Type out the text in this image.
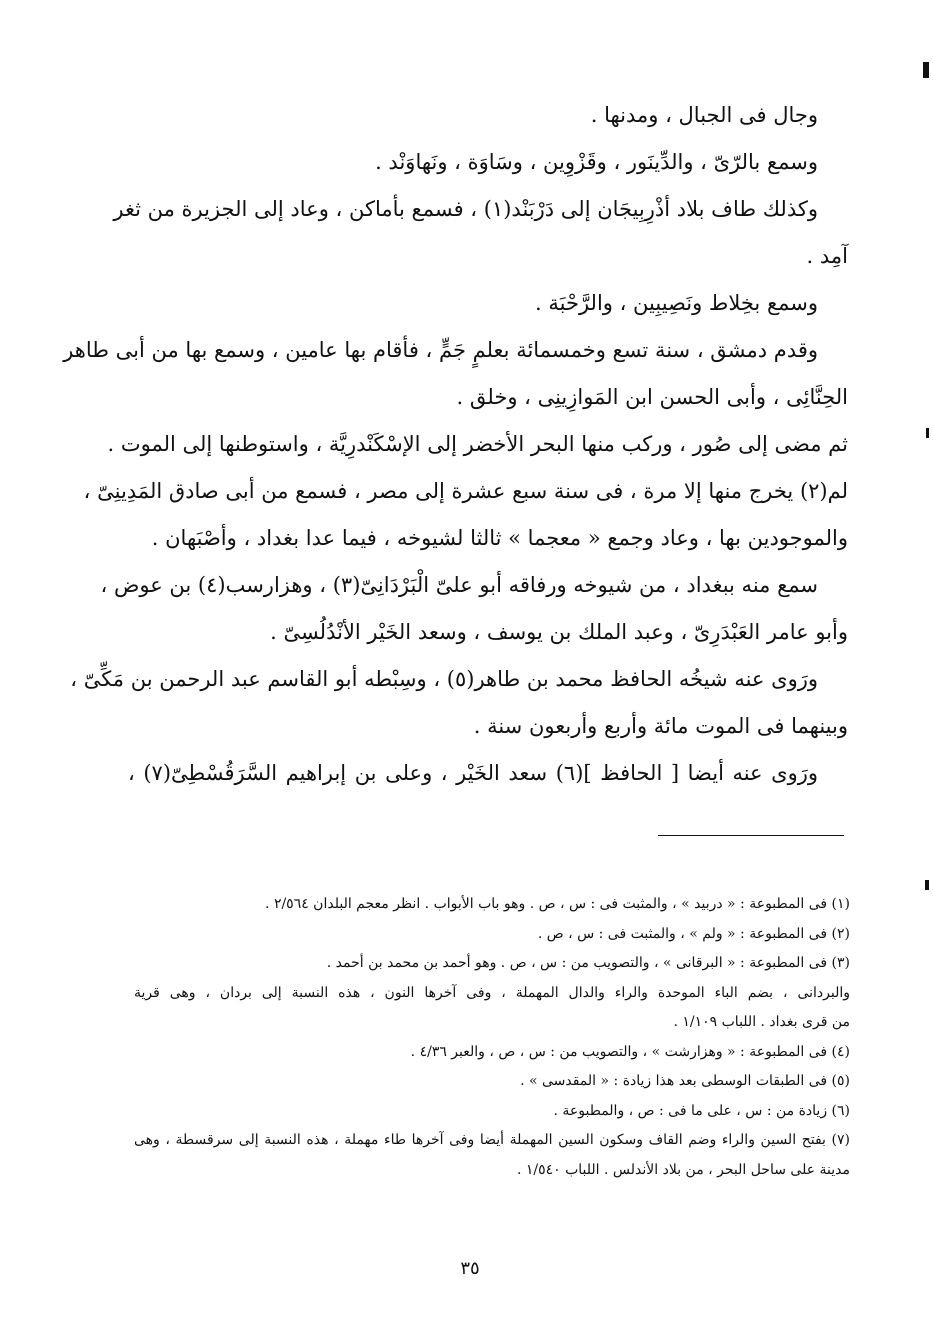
وجال فى الجبال ، ومدنها .
وسمع بالرّىّ ، والدِّينَور ، وقَزْوِين ، وسَاوَة ، ونَهاوَنْد .
وكذلك طاف بلاد أذْرِبِيجَان إلى دَرْبَنْد(١) ، فسمع بأماكن ، وعاد إلى الجزيرة من ثغر
آمِد .
وسمع بخِلاط ونَصِيبِين ، والرَّحْبَة .
وقدم دمشق ، سنة تسع وخمسمائة بعلمٍ جَمٍّ ، فأقام بها عامين ، وسمع بها من أبى طاهر
الحِنَّائِى ، وأبى الحسن ابن المَوازِينِى ، وخلق .
ثم مضى إلى صُور ، وركب منها البحر الأخضر إلى الإسْكَنْدرِيَّة ، واستوطنها إلى الموت .
لم(٢) يخرج منها إلا مرة ، فى سنة سبع عشرة إلى مصر ، فسمع من أبى صادق المَدِينِىّ ،
والموجودين بها ، وعاد وجمع « معجما » ثالثا لشيوخه ، فيما عدا بغداد ، وأصْبَهان .
سمع منه ببغداد ، من شيوخه ورفاقه أبو علىّ الْبَرْدَانِىّ(٣) ، وهزارسب(٤) بن عوض ،
وأبو عامر العَبْدَرِىّ ، وعبد الملك بن يوسف ، وسعد الخَيْر الأنْدُلُسِىّ .
ورَوى عنه شيخُه الحافظ محمد بن طاهر(٥) ، وسِبْطه أبو القاسم عبد الرحمن بن مَكِّىّ ،
وبينهما فى الموت مائة وأربع وأربعون سنة .
ورَوى عنه أيضا [ الحافظ ](٦) سعد الخَيْر ، وعلى بن إبراهيم السَّرَقُسْطِىّ(٧) ،
(١) فى المطبوعة : « دربيد » ، والمثبت فى : س ، ص . وهو باب الأبواب . انظر معجم البلدان ٢/٥٦٤ .
(٢) فى المطبوعة : « ولم » ، والمثبت فى : س ، ص .
(٣) فى المطبوعة : « البرقانى » ، والتصويب من : س ، ص . وهو أحمد بن محمد بن أحمد .
والبردانى ، بضم الباء الموحدة والراء والدال المهملة ، وفى آخرها النون ، هذه النسبة إلى بردان ، وهى قرية
من قرى بغداد . اللباب ١/١٠٩ .
(٤) فى المطبوعة : « وهزارشت » ، والتصويب من : س ، ص ، والعبر ٤/٣٦ .
(٥) فى الطبقات الوسطى بعد هذا زيادة : « المقدسى » .
(٦) زيادة من : س ، على ما فى : ص ، والمطبوعة .
(٧) بفتح السين والراء وضم القاف وسكون السين المهملة أيضا وفى آخرها طاء مهملة ، هذه النسبة إلى سرقسطة ، وهى
مدينة على ساحل البحر ، من بلاد الأندلس . اللباب ١/٥٤٠ .
٣٥
